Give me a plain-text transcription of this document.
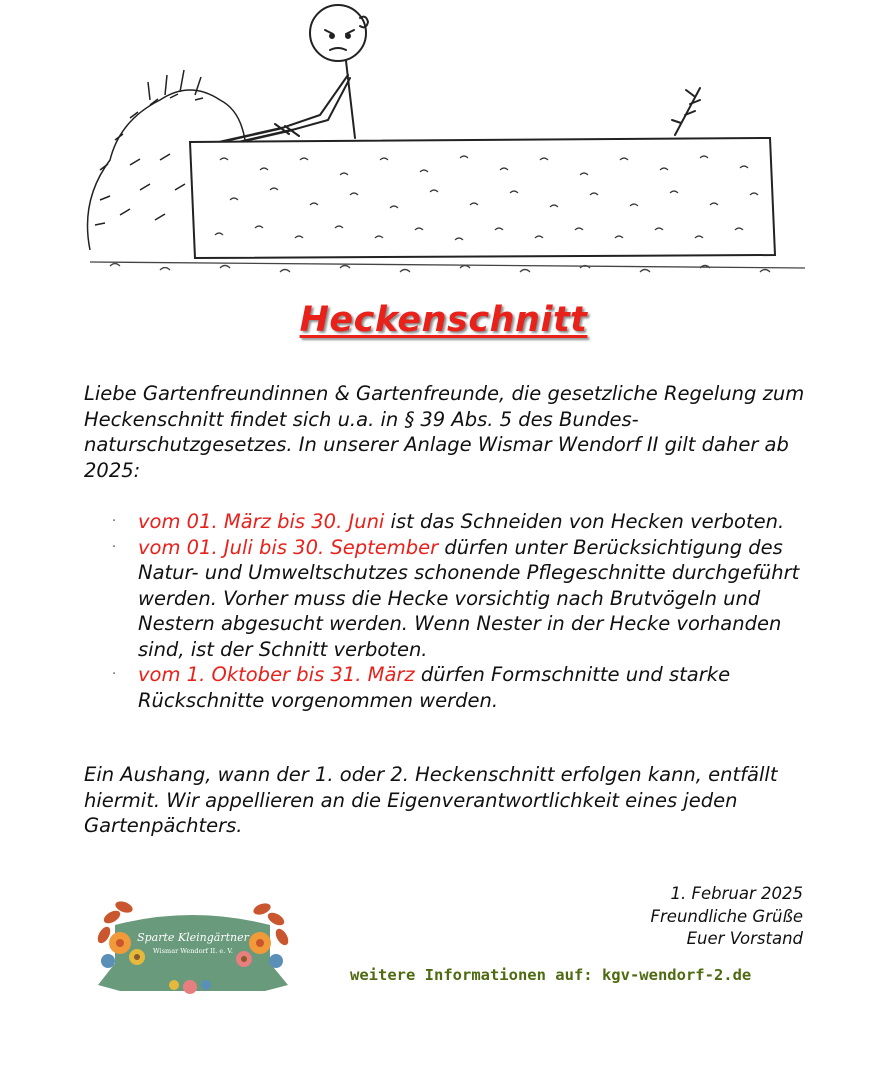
Heckenschnitt

Liebe Gartenfreundinnen & Gartenfreunde, die gesetzliche Regelung zum Heckenschnitt findet sich u.a. in § 39 Abs. 5 des Bundes-naturschutzgesetzes. In unserer Anlage Wismar Wendorf II gilt daher ab 2025:

· vom 01. März bis 30. Juni ist das Schneiden von Hecken verboten.
· vom 01. Juli bis 30. September dürfen unter Berücksichtigung des Natur- und Umweltschutzes schonende Pflegeschnitte durchgeführt werden. Vorher muss die Hecke vorsichtig nach Brutvögeln und Nestern abgesucht werden. Wenn Nester in der Hecke vorhanden sind, ist der Schnitt verboten.
· vom 1. Oktober bis 31. März dürfen Formschnitte und starke Rückschnitte vorgenommen werden.

Ein Aushang, wann der 1. oder 2. Heckenschnitt erfolgen kann, entfällt hiermit. Wir appellieren an die Eigenverantwortlichkeit eines jeden Gartenpächters.

1. Februar 2025
Freundliche Grüße
Euer Vorstand
Sparte Kleingärtner
Wismar Wendorf II. e. V.
weitere Informationen auf: kgv-wendorf-2.de
